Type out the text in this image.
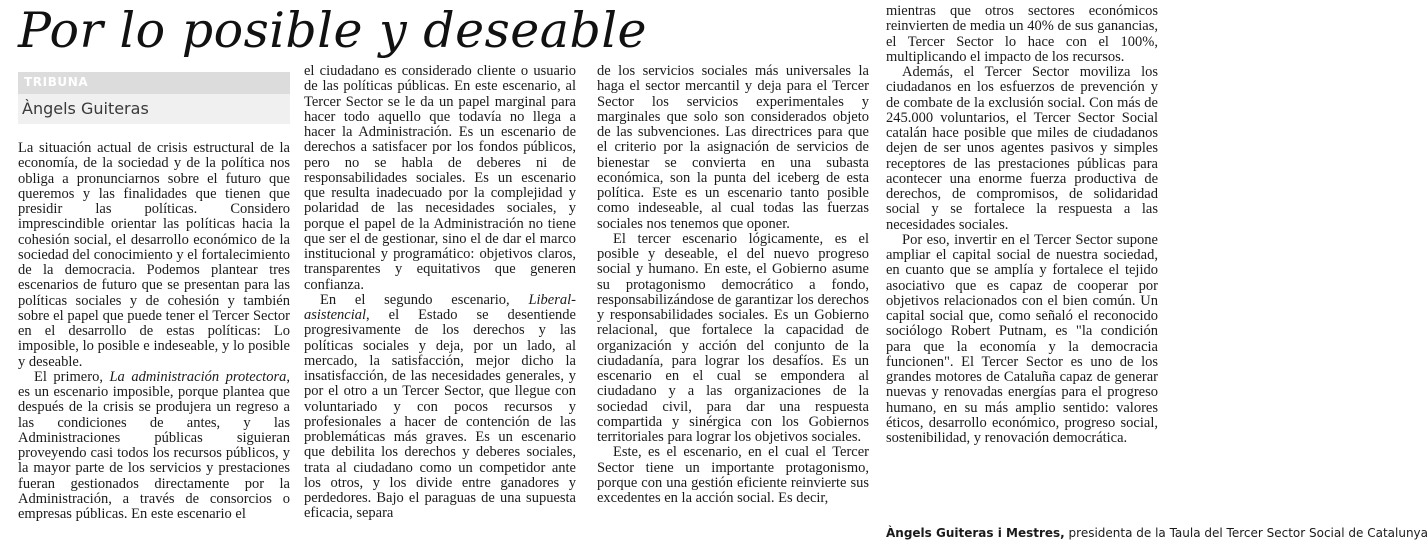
Por lo posible y deseable
TRIBUNA
Àngels Guiteras

La situación actual de crisis estructural de la economía, de la sociedad y de la política nos obliga a pronunciarnos sobre el futuro que queremos y las finalidades que tienen que presidir las políticas. Considero imprescindible orientar las políticas hacia la cohesión social, el desarrollo económico de la sociedad del conocimiento y el fortalecimiento de la democracia. Podemos plantear tres escenarios de futuro que se presentan para las políticas sociales y de cohesión y también sobre el papel que puede tener el Tercer Sector en el desarrollo de estas políticas: Lo imposible, lo posible e indeseable, y lo posible y deseable.

El primero, La administración protectora, es un escenario imposible, porque planteа que después de la crisis se produjera un regreso a las condiciones de antes, y las Administraciones públicas siguieran proveyendo casi todos los recursos públicos, y la mayor parte de los servicios y prestaciones fueran gestionados directamente por la Administración, a través de consorcios o empresas públicas. En este escenario el

el ciudadano es considerado cliente o usuario de las políticas públicas. En este escenario, al Tercer Sector se le da un papel marginal para hacer todo aquello que todavía no llega a hacer la Administración. Es un escenario de derechos a satisfacer por los fondos públicos, pero no se habla de deberes ni de responsabilidades sociales. Es un escenario que resulta inadecuado por la complejidad y polaridad de las necesidades sociales, y porque el papel de la Administración no tiene que ser el de gestionar, sino el de dar el marco institucional y programático: objetivos claros, transparentes y equitativos que generen confianza.

En el segundo escenario, Liberal-asistencial, el Estado se desentiende progresivamente de los derechos y las políticas sociales y deja, por un lado, al mercado, la satisfacción, mejor dicho la insatisfacción, de las necesidades generales, y por el otro a un Tercer Sector, que llegue con voluntariado y con pocos recursos y profesionales a hacer de contención de las problemáticas más graves. Es un escenario que debilita los derechos y deberes sociales, trata al ciudadano como un competidor ante los otros, y los divide entre ganadores y perdedores. Bajo el paraguas de una supuesta eficacia, separa

de los servicios sociales más universales la haga el sector mercantil y deja para el Tercer Sector los servicios experimentales y marginales que solo son considerados objeto de las subvenciones. Las directrices para que el criterio por la asignación de servicios de bienestar se convierta en una subasta económica, son la punta del iceberg de esta política. Este es un escenario tanto posible como indeseable, al cual todas las fuerzas sociales nos tenemos que oponer.

El tercer escenario lógicamente, es el posible y deseable, el del nuevo progreso social y humano. En este, el Gobierno asume su protagonismo democrático a fondo, responsabilizándose de garantizar los derechos y responsabilidades sociales. Es un Gobierno relacional, que fortalece la capacidad de organización y acción del conjunto de la ciudadanía, para lograr los desafíos. Es un escenario en el cual se empondera al ciudadano y a las organizaciones de la sociedad civil, para dar una respuesta compartida y sinérgica con los Gobiernos territoriales para lograr los objetivos sociales.

Este, es el escenario, en el cual el Tercer Sector tiene un importante protagonismo, porque con una gestión eficiente reinvierte sus excedentes en la acción social. Es decir,

mientras que otros sectores económicos reinvierten de media un 40% de sus ganancias, el Tercer Sector lo hace con el 100%, multiplicando el impacto de los recursos.

Además, el Tercer Sector moviliza los ciudadanos en los esfuerzos de prevención y de combate de la exclusión social. Con más de 245.000 voluntarios, el Tercer Sector Social catalán hace posible que miles de ciudadanos dejen de ser unos agentes pasivos y simples receptores de las prestaciones públicas para acontecer una enorme fuerza productiva de derechos, de compromisos, de solidaridad social y se fortalece la respuesta a las necesidades sociales.

Por eso, invertir en el Tercer Sector supone ampliar el capital social de nuestra sociedad, en cuanto que se amplía y fortalece el tejido asociativo que es capaz de cooperar por objetivos relacionados con el bien común. Un capital social que, como señaló el reconocido sociólogo Robert Putnam, es "la condición para que la economía y la democracia funcionen". El Tercer Sector es uno de los grandes motores de Cataluña capaz de generar nuevas y renovadas energías para el progreso humano, en su más amplio sentido: valores éticos, desarrollo económico, progreso social, sostenibilidad, y renovación democrática.

Àngels Guiteras i Mestres, presidenta de la Taula del Tercer Sector Social de Catalunya
